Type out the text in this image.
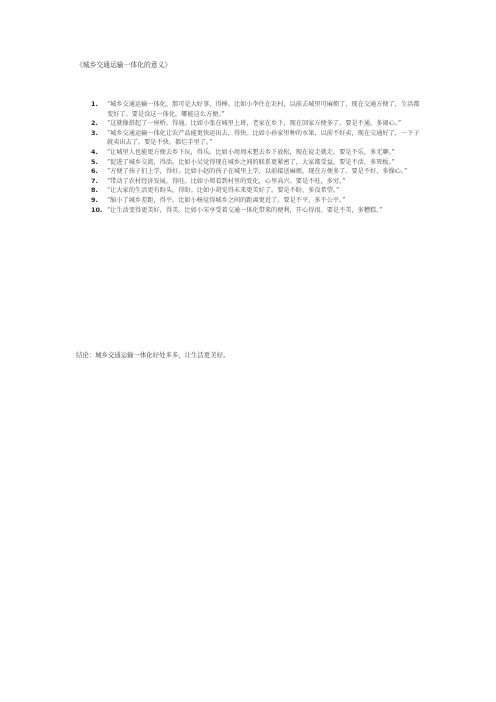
《城乡交通运输一体化的意义》
1. “城乡交通运输一体化，那可是大好事，得棒。比如小李住在农村，以前去城里可麻烦了，现在交通方便了，生活都变好了。要是没这一体化，哪能这么方便。”
2. “这就像搭起了一座桥，得通。比如小张在城里上班，老家在乡下，现在回家方便多了。要是不通，多闹心。”
3. “城乡交通运输一体化让农产品能更快运出去，得快。比如小孙家里种的水果，以前不好卖，现在交通好了，一下子就卖出去了。要是不快，都烂手里了。”
4. “让城里人也能更方便去乡下玩，得乐。比如小周周末想去乡下放松，现在说走就走。要是不乐，多无聊。”
5. “促进了城乡交流，得活。比如小吴觉得现在城乡之间的联系更紧密了，大家都受益。要是不活，多死板。”
6. “方便了孩子们上学，得好。比如小赵的孩子在城里上学，以前接送麻烦，现在方便多了。要是不好，多操心。”
7. “带动了农村经济发展，得旺。比如小郑看到村里的变化，心里高兴。要是不旺，多穷。”
8. “让大家的生活更有盼头，得盼。比如小胡觉得未来更美好了。要是不盼，多没希望。”
9. “缩小了城乡差距，得平。比如小杨觉得城乡之间的距离更近了。要是不平，多不公平。”
10. “让生活变得更美好，得美。比如小宋享受着交通一体化带来的便利，开心得很。要是不美，多糟糕。”
结论：城乡交通运输一体化好处多多，让生活更美好。
